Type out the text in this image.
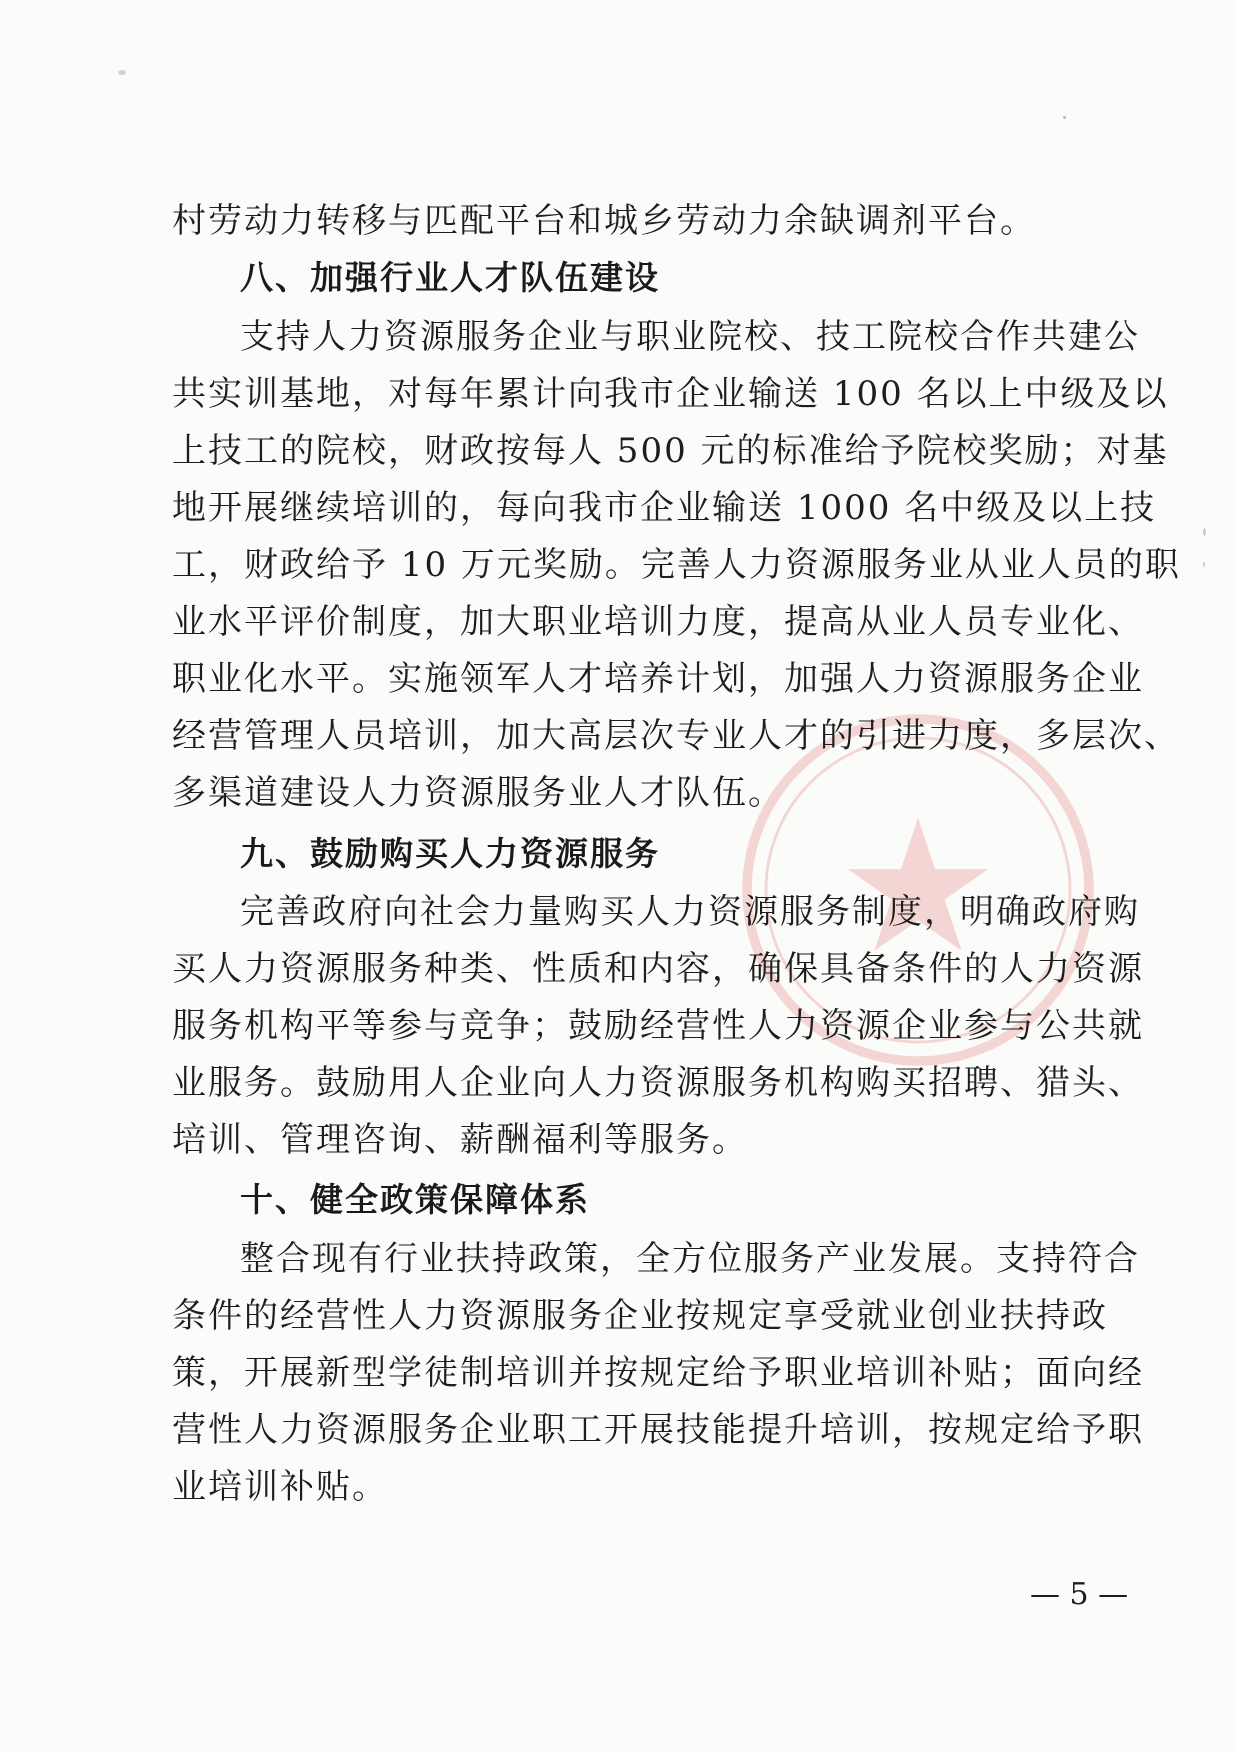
村劳动力转移与匹配平台和城乡劳动力余缺调剂平台。
八、加强行业人才队伍建设
支持人力资源服务企业与职业院校、技工院校合作共建公
共实训基地，对每年累计向我市企业输送 100 名以上中级及以
上技工的院校，财政按每人 500 元的标准给予院校奖励；对基
地开展继续培训的，每向我市企业输送 1000 名中级及以上技
工，财政给予 10 万元奖励。完善人力资源服务业从业人员的职
业水平评价制度，加大职业培训力度，提高从业人员专业化、
职业化水平。实施领军人才培养计划，加强人力资源服务企业
经营管理人员培训，加大高层次专业人才的引进力度，多层次、
多渠道建设人力资源服务业人才队伍。
九、鼓励购买人力资源服务
完善政府向社会力量购买人力资源服务制度，明确政府购
买人力资源服务种类、性质和内容，确保具备条件的人力资源
服务机构平等参与竞争；鼓励经营性人力资源企业参与公共就
业服务。鼓励用人企业向人力资源服务机构购买招聘、猎头、
培训、管理咨询、薪酬福利等服务。
十、健全政策保障体系
整合现有行业扶持政策，全方位服务产业发展。支持符合
条件的经营性人力资源服务企业按规定享受就业创业扶持政
策，开展新型学徒制培训并按规定给予职业培训补贴；面向经
营性人力资源服务企业职工开展技能提升培训，按规定给予职
业培训补贴。
— 5 —
